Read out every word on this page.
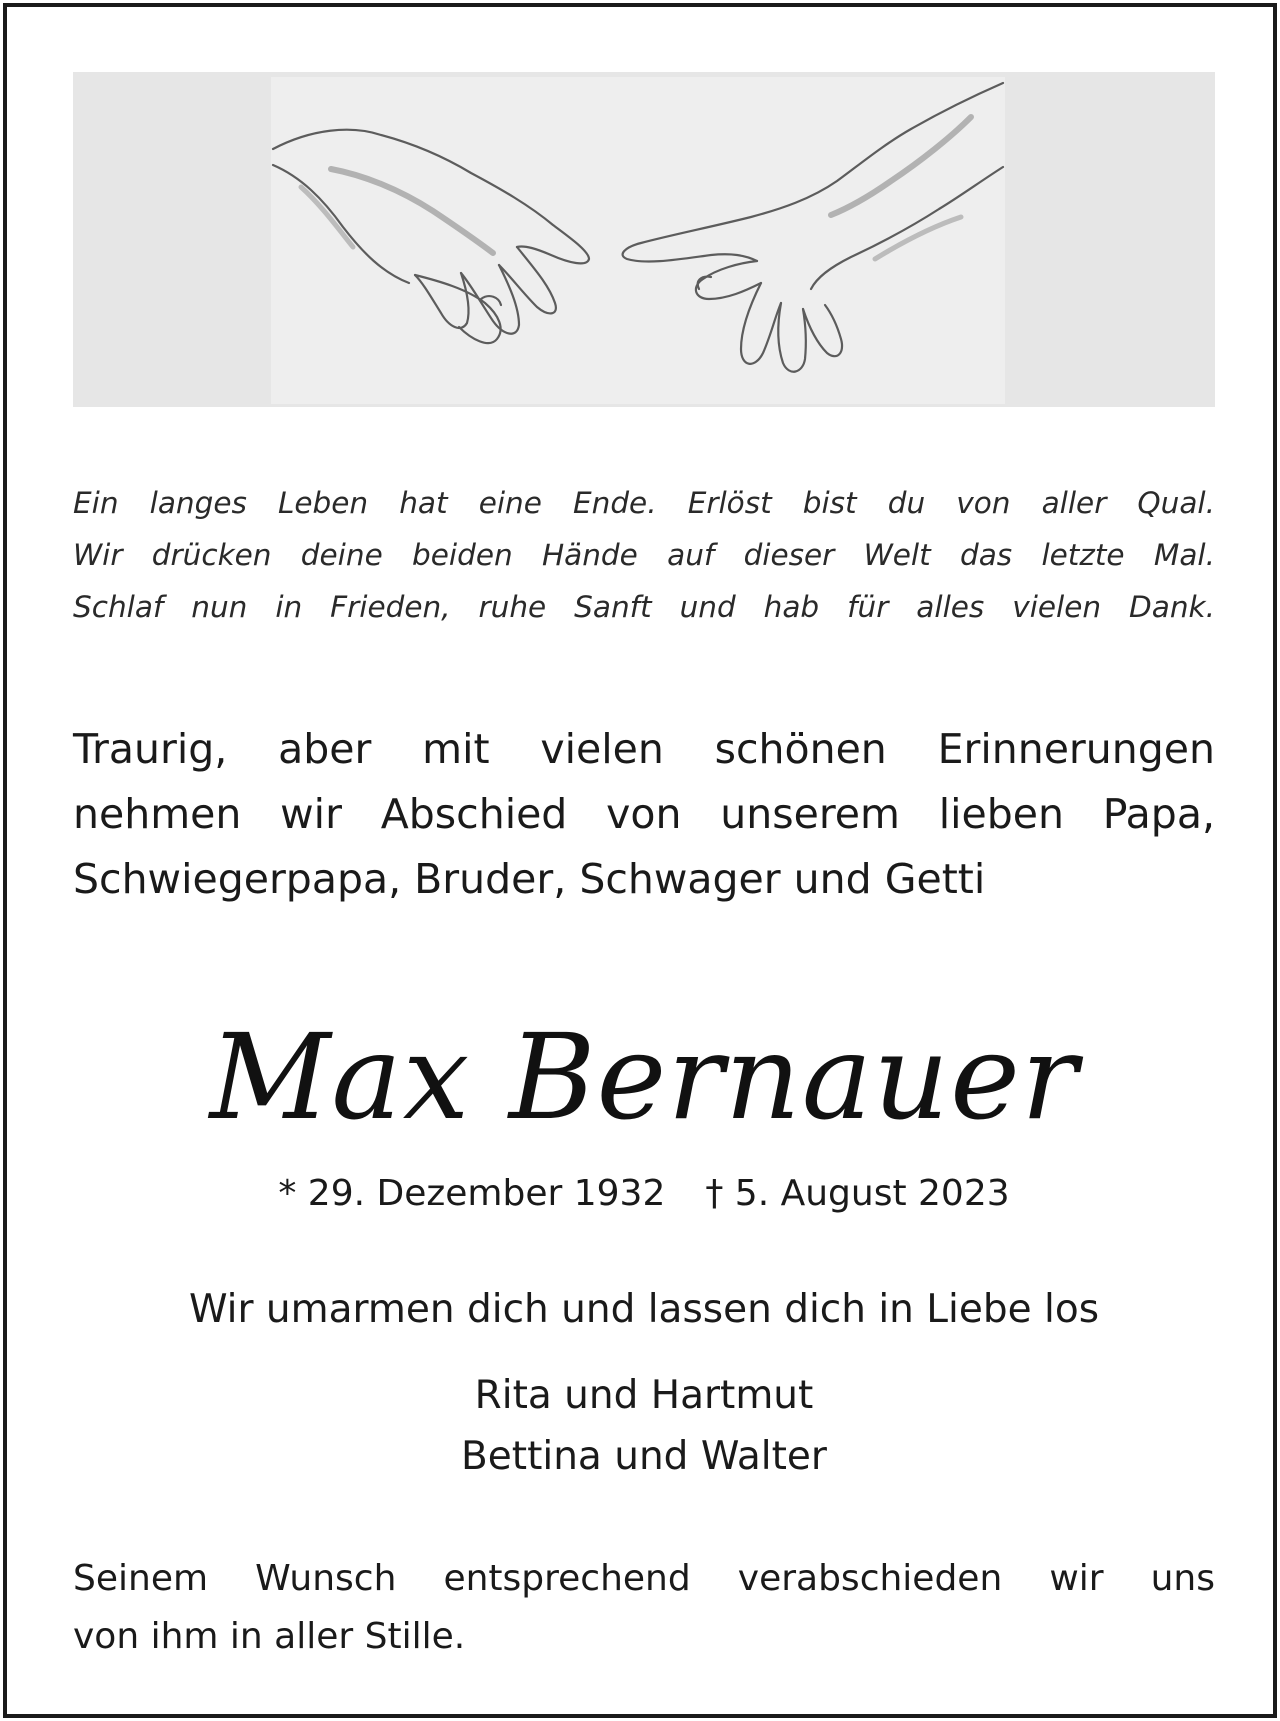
Ein langes Leben hat eine Ende. Erlöst bist du von aller Qual.
Wir drücken deine beiden Hände auf dieser Welt das letzte Mal.
Schlaf nun in Frieden, ruhe Sanft und hab für alles vielen Dank.
Traurig, aber mit vielen schönen Erinnerungen
nehmen wir Abschied von unserem lieben Papa,
Schwiegerpapa, Bruder, Schwager und Getti
Max Bernauer
* 29. Dezember 1932 † 5. August 2023
Wir umarmen dich und lassen dich in Liebe los
Rita und Hartmut
Bettina und Walter
Seinem Wunsch entsprechend verabschieden wir uns
von ihm in aller Stille.
